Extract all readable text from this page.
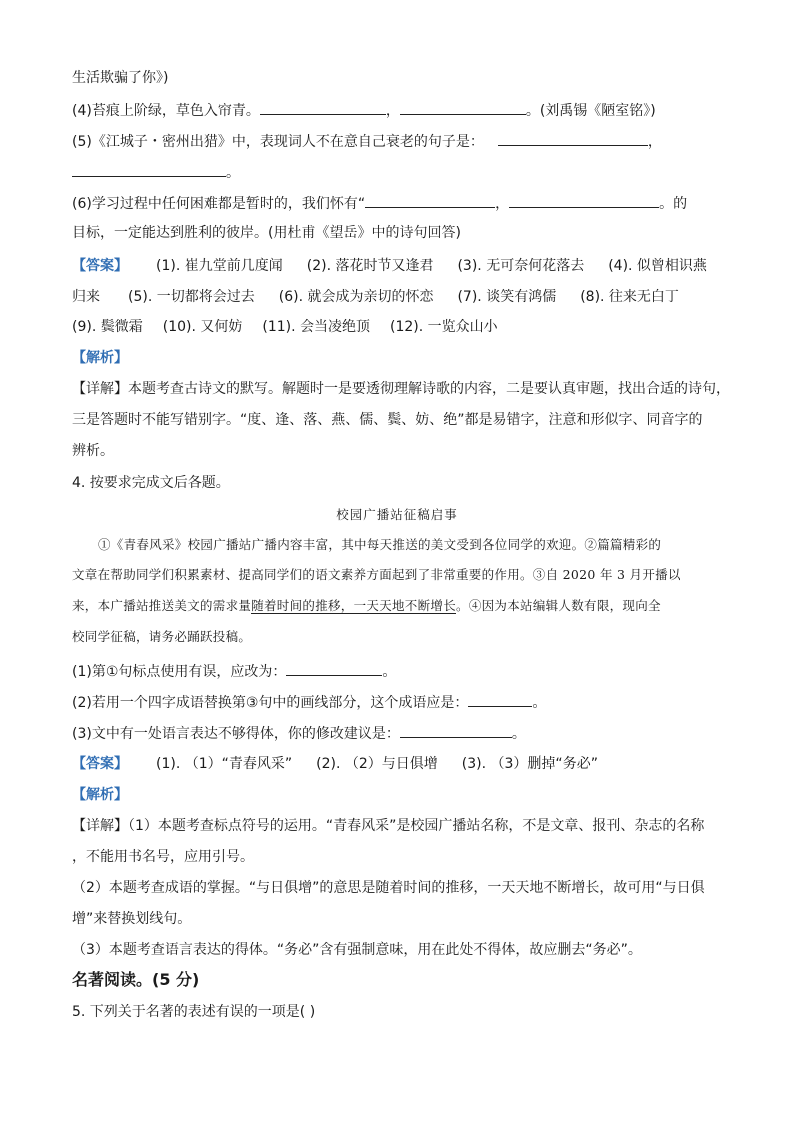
生活欺骗了你》)
(4)苔痕上阶绿，草色入帘青。	，	。(刘禹锡《陋室铭》)
(5)《江城子・密州出猎》中，表现词人不在意自己衰老的句子是：	，
。
(6)学习过程中任何困难都是暂时的，我们怀有“	，	。的
目标，一定能达到胜利的彼岸。(用杜甫《望岳》中的诗句回答)
【答案】 (1). 崔九堂前几度闻 (2). 落花时节又逢君 (3). 无可奈何花落去 (4). 似曾相识燕
归来 (5). 一切都将会过去 (6). 就会成为亲切的怀恋 (7). 谈笑有鸿儒 (8). 往来无白丁
(9). 鬓微霜 (10). 又何妨 (11). 会当凌绝顶 (12). 一览众山小
【解析】
【详解】本题考查古诗文的默写。解题时一是要透彻理解诗歌的内容，二是要认真审题，找出合适的诗句，
三是答题时不能写错别字。“度、逢、落、燕、儒、鬓、妨、绝”都是易错字，注意和形似字、同音字的
辨析。
4. 按要求完成文后各题。
校园广播站征稿启事
①《青春风采》校园广播站广播内容丰富，其中每天推送的美文受到各位同学的欢迎。②篇篇精彩的
文章在帮助同学们积累素材、提高同学们的语文素养方面起到了非常重要的作用。③自 2020 年 3 月开播以
来，本广播站推送美文的需求量随着时间的推移，一天天地不断增长。④因为本站编辑人数有限，现向全
校同学征稿，请务必踊跃投稿。
(1)第①句标点使用有误，应改为：	。
(2)若用一个四字成语替换第③句中的画线部分，这个成语应是：	。
(3)文中有一处语言表达不够得体，你的修改建议是：	。
【答案】 (1). （1）“青春风采” (2). （2）与日俱增 (3). （3）删掉“务必”
【解析】
【详解】（1）本题考查标点符号的运用。“青春风采”是校园广播站名称，不是文章、报刊、杂志的名称
，不能用书名号，应用引号。
（2）本题考查成语的掌握。“与日俱增”的意思是随着时间的推移，一天天地不断增长，故可用“与日俱
增”来替换划线句。
（3）本题考查语言表达的得体。“务必”含有强制意味，用在此处不得体，故应删去“务必”。
名著阅读。(5 分)
5. 下列关于名著的表述有误的一项是( )
